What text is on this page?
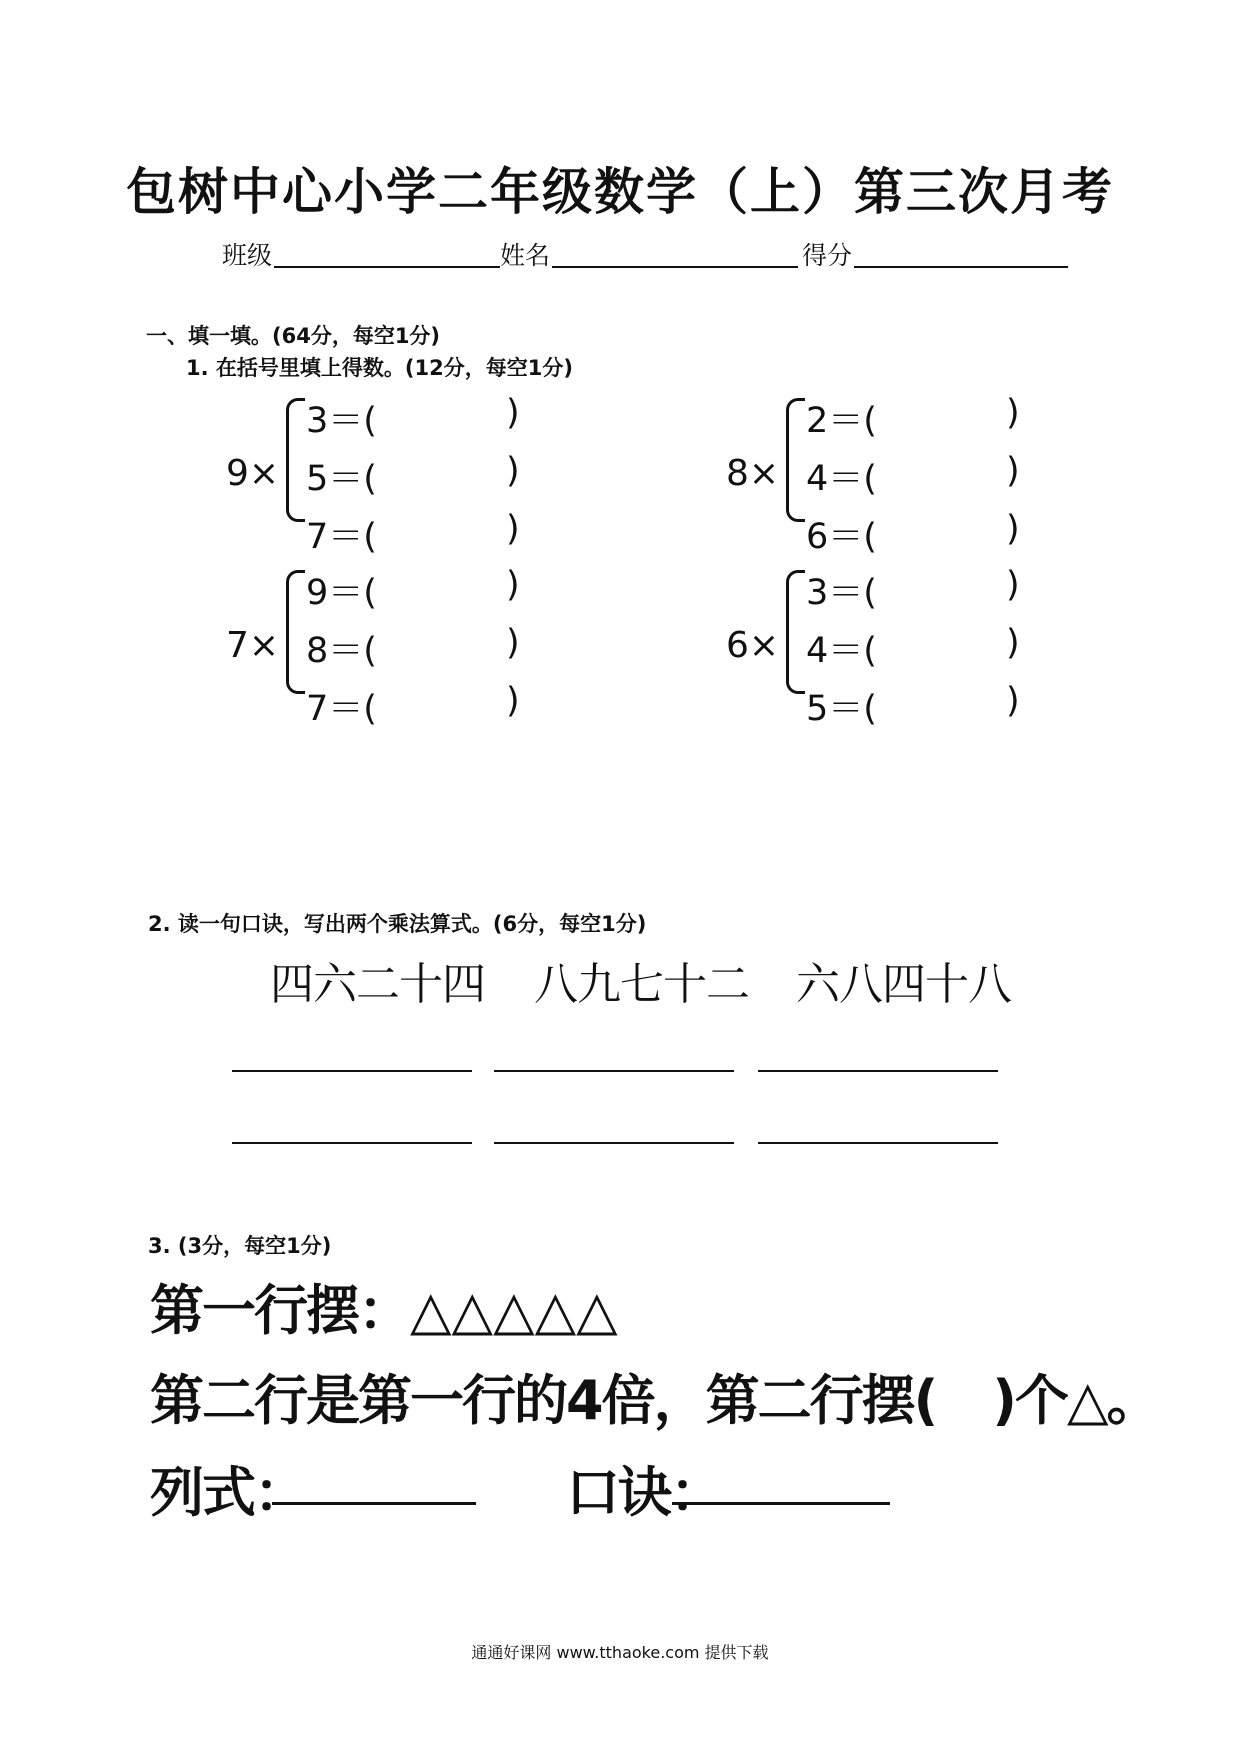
包树中心小学二年级数学（上）第三次月考
班级	姓名	得分
一、填一填。(64分，每空1分)
1. 在括号里填上得数。(12分，每空1分)
9×
3＝(	)
5＝(	)
7＝(	)
8×
2＝(	)
4＝(	)
6＝(	)
7×
9＝(	)
8＝(	)
7＝(	)
6×
3＝(	)
4＝(	)
5＝(	)
2. 读一句口诀，写出两个乘法算式。(6分，每空1分)
四六二十四 八九七十二 六八四十八
3. (3分，每空1分)
第一行摆：△△△△△
第二行是第一行的4倍，第二行摆( )个△。
列式：	口诀：
通通好课网 www.tthaoke.com 提供下载
